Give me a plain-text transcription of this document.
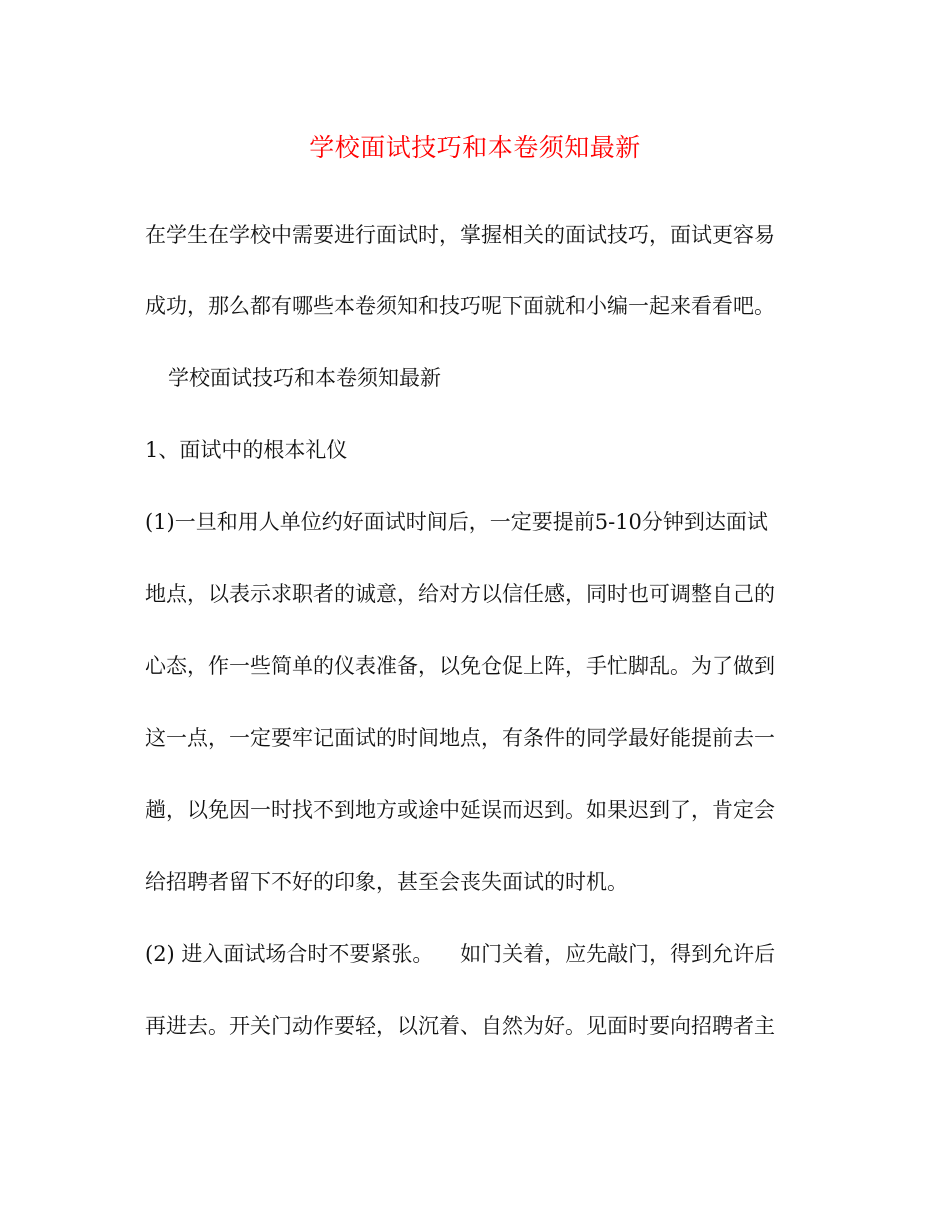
学校面试技巧和本卷须知最新
在学生在学校中需要进行面试时，掌握相关的面试技巧，面试更容易
成功，那么都有哪些本卷须知和技巧呢下面就和小编一起来看看吧。
学校面试技巧和本卷须知最新
1、面试中的根本礼仪
(1)一旦和用人单位约好面试时间后，一定要提前5-10分钟到达面试
地点，以表示求职者的诚意，给对方以信任感，同时也可调整自己的
心态，作一些简单的仪表准备，以免仓促上阵，手忙脚乱。为了做到
这一点，一定要牢记面试的时间地点，有条件的同学最好能提前去一
趟，以免因一时找不到地方或途中延误而迟到。如果迟到了，肯定会
给招聘者留下不好的印象，甚至会丧失面试的时机。
(2) 进入面试场合时不要紧张。    如门关着，应先敲门，得到允许后
再进去。开关门动作要轻，以沉着、自然为好。见面时要向招聘者主
